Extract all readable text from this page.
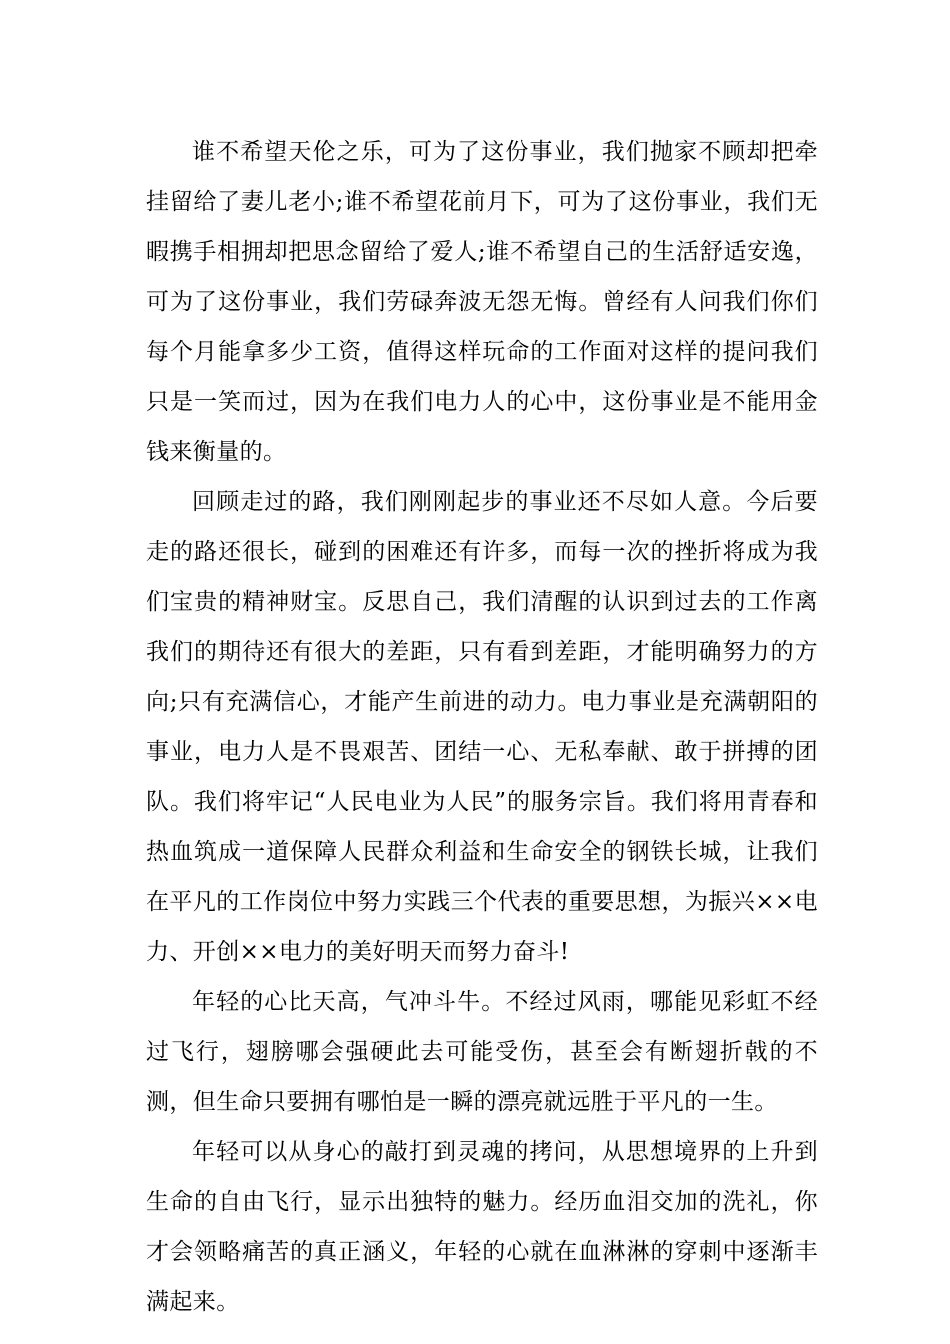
谁不希望天伦之乐，可为了这份事业，我们抛家不顾却把牵挂留给了妻儿老小;谁不希望花前月下，可为了这份事业，我们无暇携手相拥却把思念留给了爱人;谁不希望自己的生活舒适安逸，可为了这份事业，我们劳碌奔波无怨无悔。曾经有人问我们你们每个月能拿多少工资，值得这样玩命的工作面对这样的提问我们只是一笑而过，因为在我们电力人的心中，这份事业是不能用金钱来衡量的。

回顾走过的路，我们刚刚起步的事业还不尽如人意。今后要走的路还很长，碰到的困难还有许多，而每一次的挫折将成为我们宝贵的精神财宝。反思自己，我们清醒的认识到过去的工作离我们的期待还有很大的差距，只有看到差距，才能明确努力的方向;只有充满信心，才能产生前进的动力。电力事业是充满朝阳的事业，电力人是不畏艰苦、团结一心、无私奉献、敢于拼搏的团队。我们将牢记“人民电业为人民”的服务宗旨。我们将用青春和热血筑成一道保障人民群众利益和生命安全的钢铁长城，让我们在平凡的工作岗位中努力实践三个代表的重要思想，为振兴××电力、开创××电力的美好明天而努力奋斗!

年轻的心比天高，气冲斗牛。不经过风雨，哪能见彩虹不经过飞行，翅膀哪会强硬此去可能受伤，甚至会有断翅折戟的不测，但生命只要拥有哪怕是一瞬的漂亮就远胜于平凡的一生。

年轻可以从身心的敲打到灵魂的拷问，从思想境界的上升到生命的自由飞行，显示出独特的魅力。经历血泪交加的洗礼，你才会领略痛苦的真正涵义，年轻的心就在血淋淋的穿刺中逐渐丰满起来。
